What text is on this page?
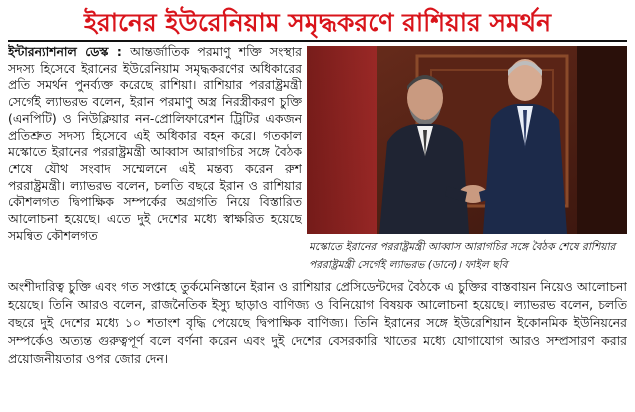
ইরানের ইউরেনিয়াম সমৃদ্ধকরণে রাশিয়ার সমর্থন
ইন্টারন্যাশনাল ডেস্ক : আন্তর্জাতিক পরমাণু শক্তি সংস্থার সদস্য হিসেবে ইরানের ইউরেনিয়াম সমৃদ্ধকরণের অধিকারের প্রতি সমর্থন পুনর্ব্যক্ত করেছে রাশিয়া। রাশিয়ার পররাষ্ট্রমন্ত্রী সের্গেই ল্যাভরভ বলেন, ইরান পরমাণু অস্ত্র নিরস্ত্রীকরণ চুক্তি (এনপিটি) ও নিউক্লিয়ার নন-প্রোলিফারেশন ট্রিটির একজন প্রতিশ্রুত সদস্য হিসেবে এই অধিকার বহন করে। গতকাল মস্কোতে ইরানের পররাষ্ট্রমন্ত্রী আব্বাস আরাগচির সঙ্গে বৈঠক শেষে যৌথ সংবাদ সম্মেলনে এই মন্তব্য করেন রুশ পররাষ্ট্রমন্ত্রী। ল্যাভরভ বলেন, চলতি বছরে ইরান ও রাশিয়ার কৌশলগত দ্বিপাক্ষিক সম্পর্কের অগ্রগতি নিয়ে বিস্তারিত আলোচনা হয়েছে। এতে দুই দেশের মধ্যে স্বাক্ষরিত হয়েছে সমন্বিত কৌশলগত
মস্কোতে ইরানের পররাষ্ট্রমন্ত্রী আব্বাস আরাগচির সঙ্গে বৈঠক শেষে রাশিয়ার পররাষ্ট্রমন্ত্রী সের্গেই ল্যাভরভ (ডানে)। ফাইল ছবি
অংশীদারিত্ব চুক্তি এবং গত সপ্তাহে তুর্কমেনিস্তানে ইরান ও রাশিয়ার প্রেসিডেন্টদের বৈঠকে এ চুক্তির বাস্তবায়ন নিয়েও আলোচনা হয়েছে। তিনি আরও বলেন, রাজনৈতিক ইস্যু ছাড়াও বাণিজ্য ও বিনিয়োগ বিষয়ক আলোচনা হয়েছে। ল্যাভরভ বলেন, চলতি বছরে দুই দেশের মধ্যে ১০ শতাংশ বৃদ্ধি পেয়েছে দ্বিপাক্ষিক বাণিজ্য। তিনি ইরানের সঙ্গে ইউরেশিয়ান ইকোনমিক ইউনিয়নের সম্পর্কেও অত্যন্ত গুরুত্বপূর্ণ বলে বর্ণনা করেন এবং দুই দেশের বেসরকারি খাতের মধ্যে যোগাযোগ আরও সম্প্রসারণ করার প্রয়োজনীয়তার ওপর জোর দেন।
